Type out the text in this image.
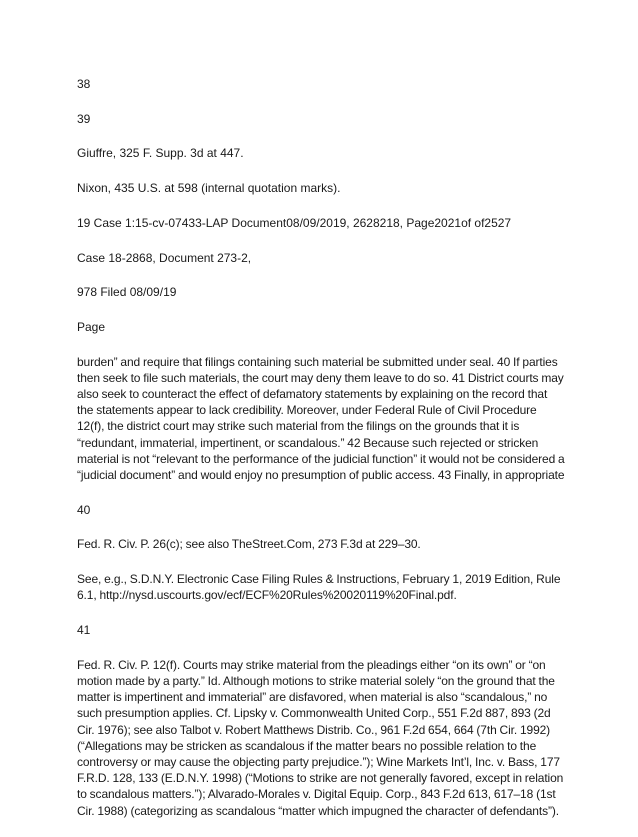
38

39

Giuffre, 325 F. Supp. 3d at 447.

Nixon, 435 U.S. at 598 (internal quotation marks).

19 Case 1:15-cv-07433-LAP Document08/09/2019, 2628218, Page2021of of2527

Case 18-2868, Document 273-2,

978 Filed 08/09/19

Page

burden” and require that filings containing such material be submitted under seal. 40 If parties then seek to file such materials, the court may deny them leave to do so. 41 District courts may also seek to counteract the effect of defamatory statements by explaining on the record that the statements appear to lack credibility. Moreover, under Federal Rule of Civil Procedure 12(f), the district court may strike such material from the filings on the grounds that it is “redundant, immaterial, impertinent, or scandalous.” 42 Because such rejected or stricken material is not “relevant to the performance of the judicial function” it would not be considered a “judicial document” and would enjoy no presumption of public access. 43 Finally, in appropriate

40

Fed. R. Civ. P. 26(c); see also TheStreet.Com, 273 F.3d at 229–30.

See, e.g., S.D.N.Y. Electronic Case Filing Rules & Instructions, February 1, 2019 Edition, Rule 6.1, http://nysd.uscourts.gov/ecf/ECF%20Rules%20020119%20Final.pdf.

41

Fed. R. Civ. P. 12(f). Courts may strike material from the pleadings either “on its own” or “on motion made by a party.” Id. Although motions to strike material solely “on the ground that the matter is impertinent and immaterial” are disfavored, when material is also “scandalous,” no such presumption applies. Cf. Lipsky v. Commonwealth United Corp., 551 F.2d 887, 893 (2d Cir. 1976); see also Talbot v. Robert Matthews Distrib. Co., 961 F.2d 654, 664 (7th Cir. 1992) (“Allegations may be stricken as scandalous if the matter bears no possible relation to the controversy or may cause the objecting party prejudice.”); Wine Markets Int’l, Inc. v. Bass, 177 F.R.D. 128, 133 (E.D.N.Y. 1998) (“Motions to strike are not generally favored, except in relation to scandalous matters.”); Alvarado-Morales v. Digital Equip. Corp., 843 F.2d 613, 617–18 (1st Cir. 1988) (categorizing as scandalous “matter which impugned the character of defendants”).
